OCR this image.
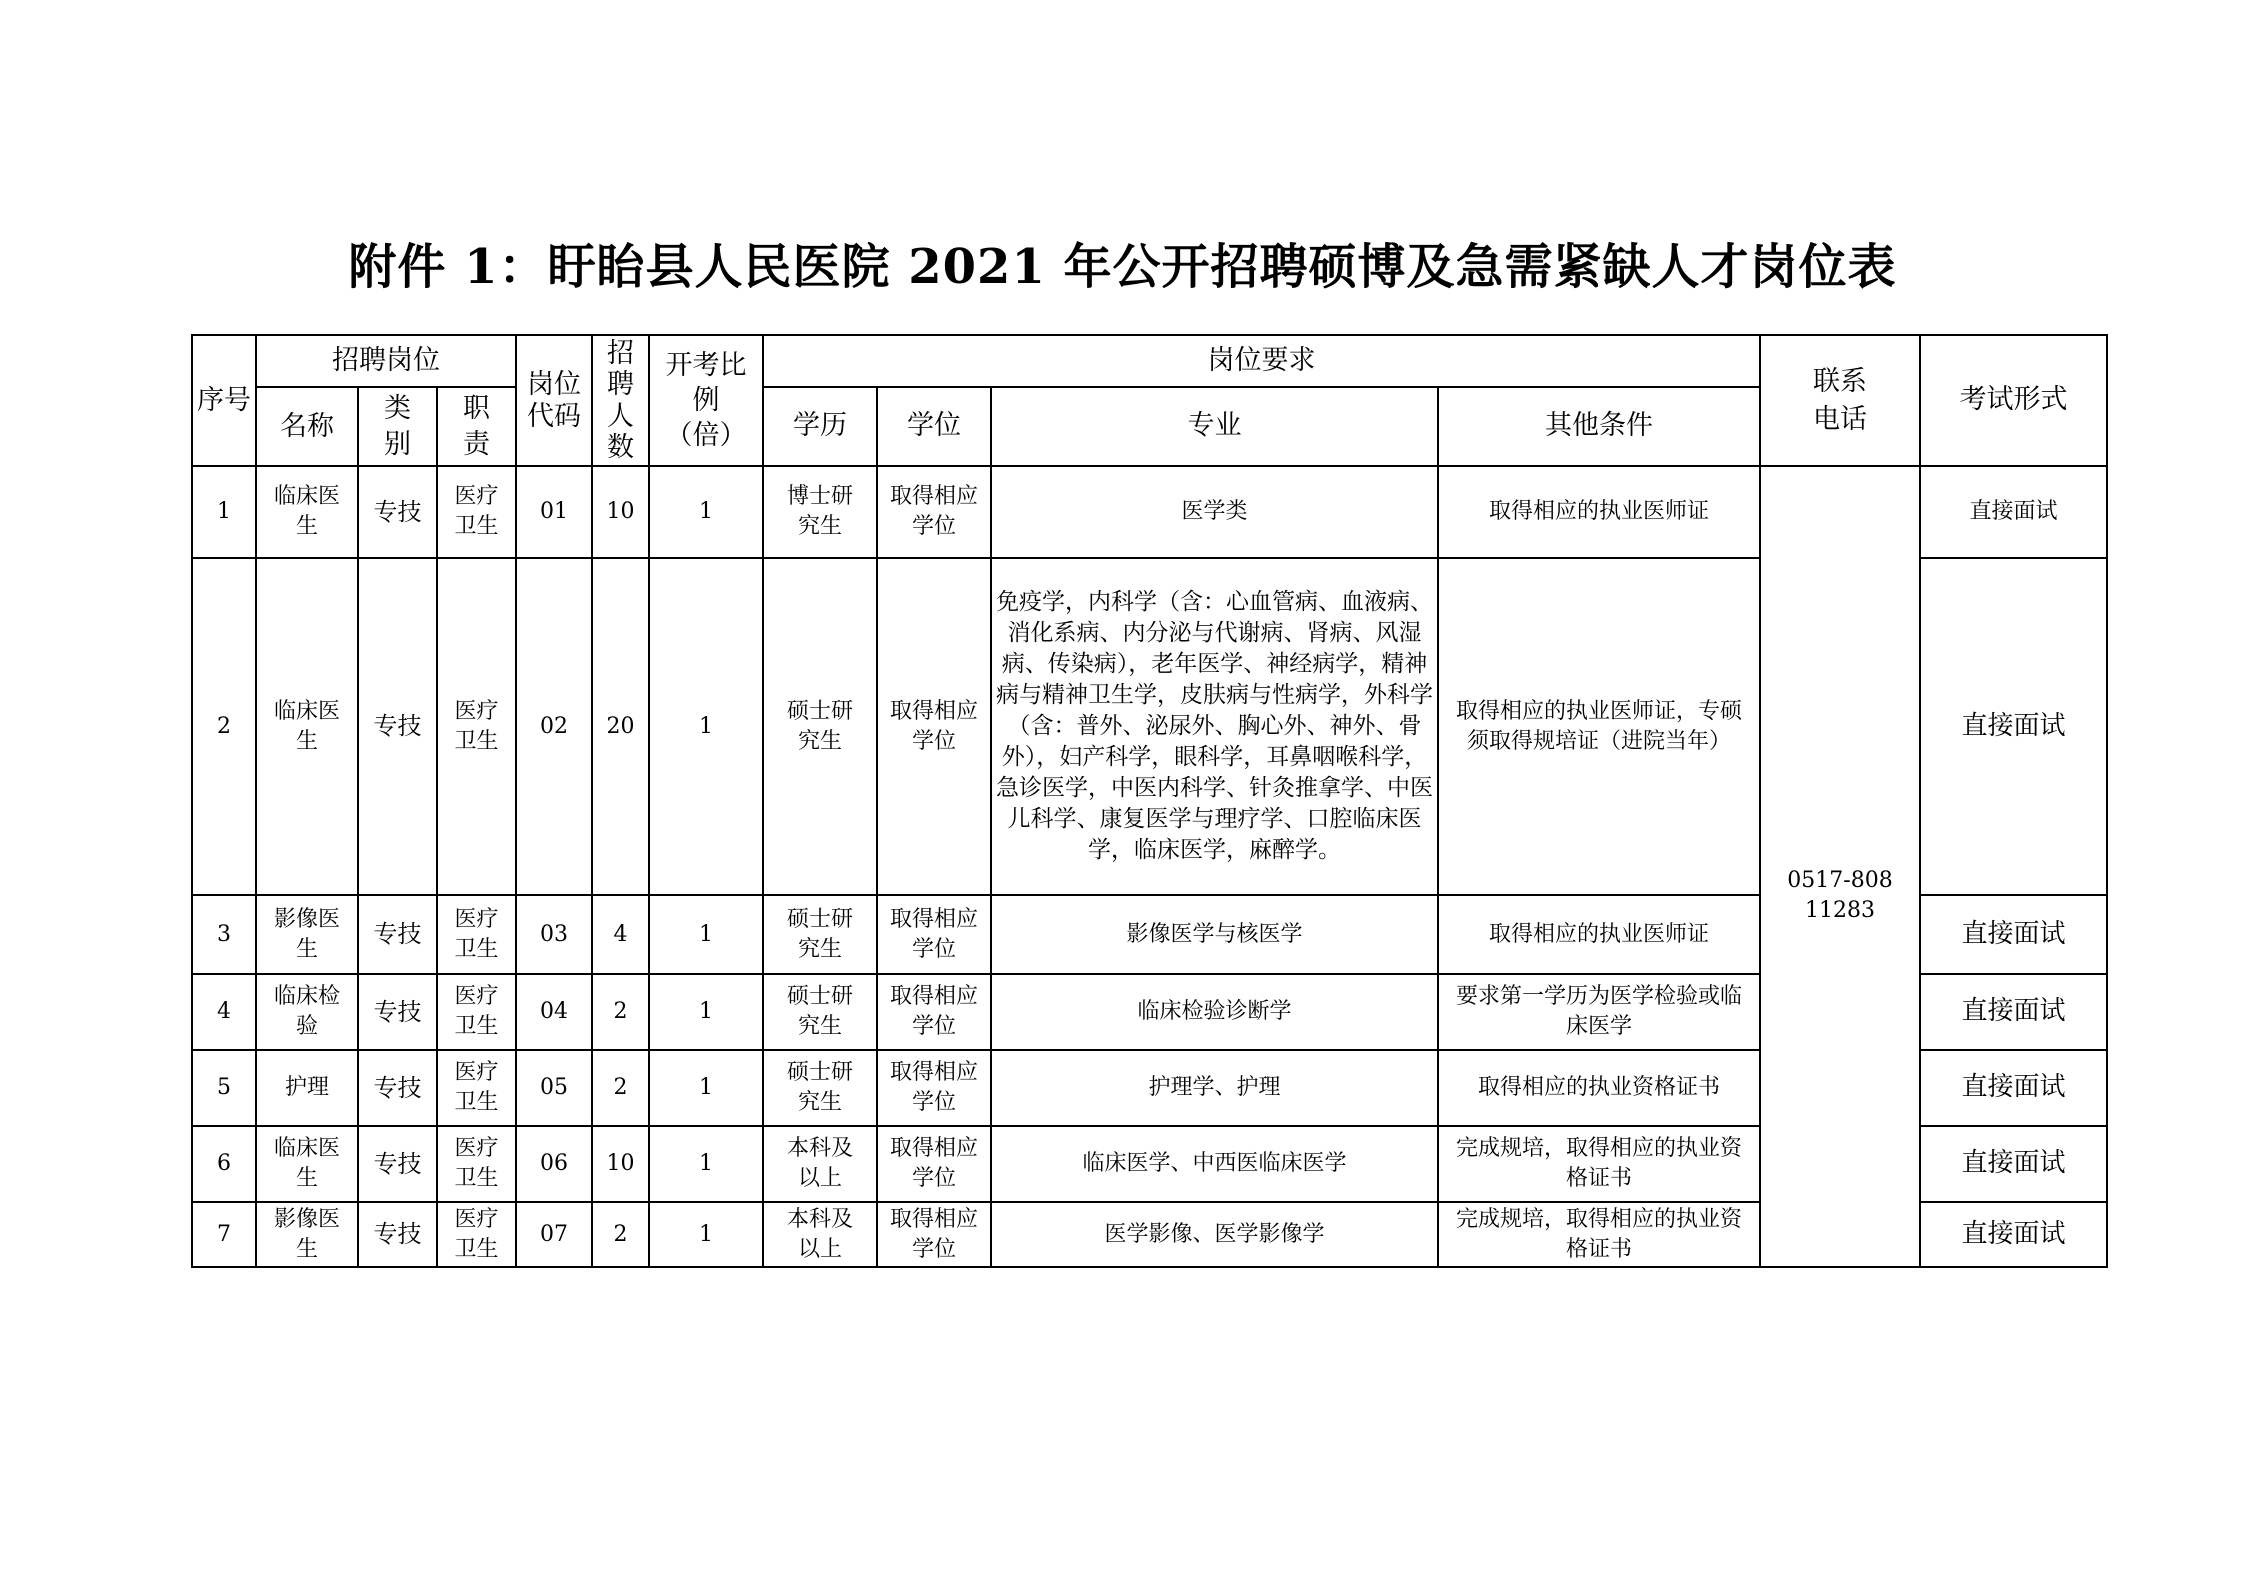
附件 1：盱眙县人民医院 2021 年公开招聘硕博及急需紧缺人才岗位表
序号	招聘岗位			岗位代码	招聘人数	开考比例（倍）	岗位要求				联系电话	考试形式
	名称	类别	职责				学历	学位	专业	其他条件		
1	临床医生	专技	医疗卫生	01	10	1	博士研究生	取得相应学位	医学类	取得相应的执业医师证	0517-80811283	直接面试
2	临床医生	专技	医疗卫生	02	20	1	硕士研究生	取得相应学位	免疫学，内科学（含：心血管病、血液病、消化系病、内分泌与代谢病、肾病、风湿病、传染病），老年医学、神经病学，精神病与精神卫生学，皮肤病与性病学，外科学（含：普外、泌尿外、胸心外、神外、骨外），妇产科学，眼科学，耳鼻咽喉科学，急诊医学，中医内科学、针灸推拿学、中医儿科学、康复医学与理疗学、口腔临床医学，临床医学，麻醉学。	取得相应的执业医师证，专硕须取得规培证（进院当年）		直接面试
3	影像医生	专技	医疗卫生	03	4	1	硕士研究生	取得相应学位	影像医学与核医学	取得相应的执业医师证		直接面试
4	临床检验	专技	医疗卫生	04	2	1	硕士研究生	取得相应学位	临床检验诊断学	要求第一学历为医学检验或临床医学		直接面试
5	护理	专技	医疗卫生	05	2	1	硕士研究生	取得相应学位	护理学、护理	取得相应的执业资格证书		直接面试
6	临床医生	专技	医疗卫生	06	10	1	本科及以上	取得相应学位	临床医学、中西医临床医学	完成规培，取得相应的执业资格证书		直接面试
7	影像医生	专技	医疗卫生	07	2	1	本科及以上	取得相应学位	医学影像、医学影像学	完成规培，取得相应的执业资格证书		直接面试
